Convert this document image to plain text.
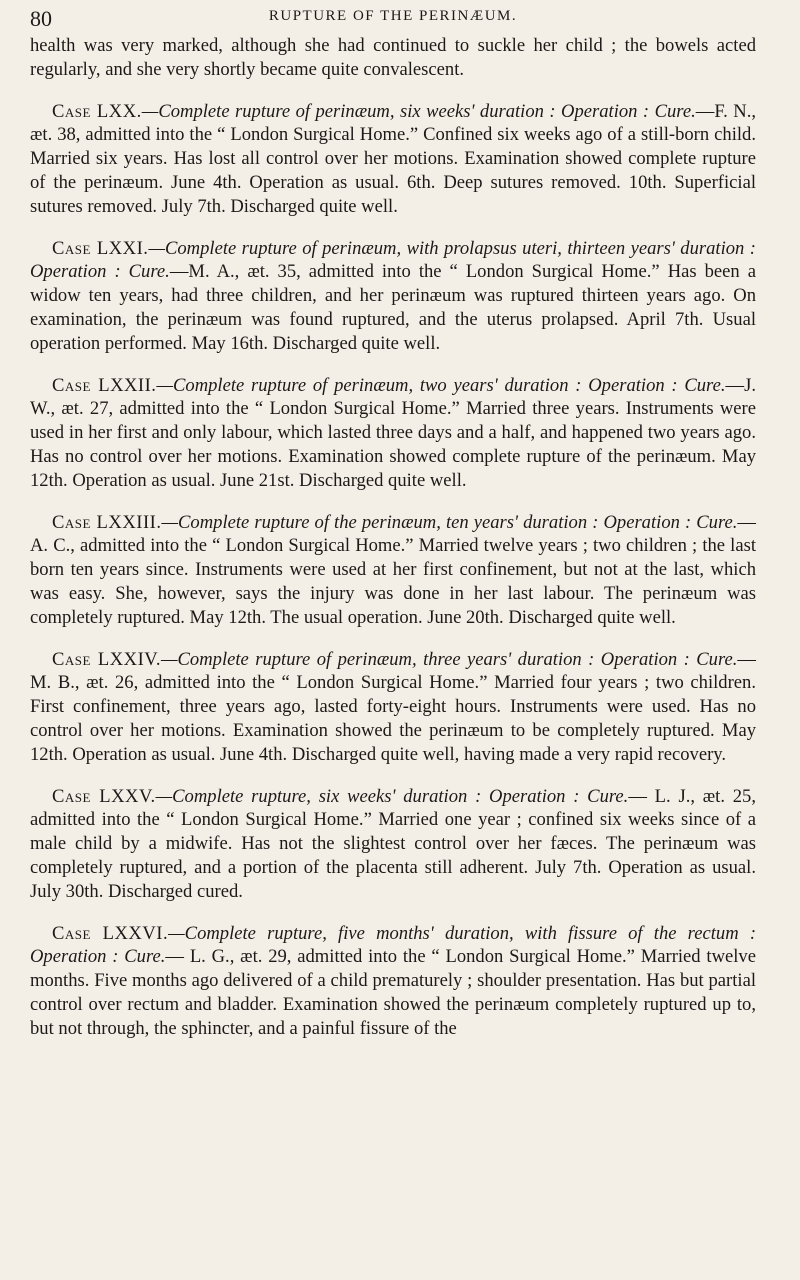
80	RUPTURE OF THE PERINÆUM.

health was very marked, although she had continued to suckle her child ; the bowels acted regularly, and she very shortly became quite convalescent.

Case LXX.—Complete rupture of perinæum, six weeks' duration : Operation : Cure.—F. N., æt. 38, admitted into the “ London Surgical Home.” Confined six weeks ago of a still-born child. Married six years. Has lost all control over her motions. Examination showed complete rupture of the perinæum. June 4th. Operation as usual. 6th. Deep sutures removed. 10th. Superficial sutures removed. July 7th. Discharged quite well.

Case LXXI.—Complete rupture of perinæum, with prolapsus uteri, thirteen years' duration : Operation : Cure.—M. A., æt. 35, admitted into the “ London Surgical Home.” Has been a widow ten years, had three children, and her perinæum was ruptured thirteen years ago. On examination, the perinæum was found ruptured, and the uterus prolapsed. April 7th. Usual operation performed. May 16th. Discharged quite well.

Case LXXII.—Complete rupture of perinæum, two years' duration : Operation : Cure.—J. W., æt. 27, admitted into the “ London Surgical Home.” Married three years. Instruments were used in her first and only labour, which lasted three days and a half, and happened two years ago. Has no control over her motions. Examination showed complete rupture of the perinæum. May 12th. Operation as usual. June 21st. Discharged quite well.

Case LXXIII.—Complete rupture of the perinæum, ten years' duration : Operation : Cure.—A. C., admitted into the “ London Surgical Home.” Married twelve years ; two children ; the last born ten years since. Instruments were used at her first confinement, but not at the last, which was easy. She, however, says the injury was done in her last labour. The perinæum was completely ruptured. May 12th. The usual operation. June 20th. Discharged quite well.

Case LXXIV.—Complete rupture of perinæum, three years' duration : Operation : Cure.—M. B., æt. 26, admitted into the “ London Surgical Home.” Married four years ; two children. First confinement, three years ago, lasted forty-eight hours. Instruments were used. Has no control over her motions. Examination showed the perinæum to be completely ruptured. May 12th. Operation as usual. June 4th. Discharged quite well, having made a very rapid recovery.

Case LXXV.—Complete rupture, six weeks' duration : Operation : Cure.— L. J., æt. 25, admitted into the “ London Surgical Home.” Married one year ; confined six weeks since of a male child by a midwife. Has not the slightest control over her fæces. The perinæum was completely ruptured, and a portion of the placenta still adherent. July 7th. Operation as usual. July 30th. Discharged cured.

Case LXXVI.—Complete rupture, five months' duration, with fissure of the rectum : Operation : Cure.— L. G., æt. 29, admitted into the “ London Surgical Home.” Married twelve months. Five months ago delivered of a child prematurely ; shoulder presentation. Has but partial control over rectum and bladder. Examination showed the perinæum completely ruptured up to, but not through, the sphincter, and a painful fissure of the
